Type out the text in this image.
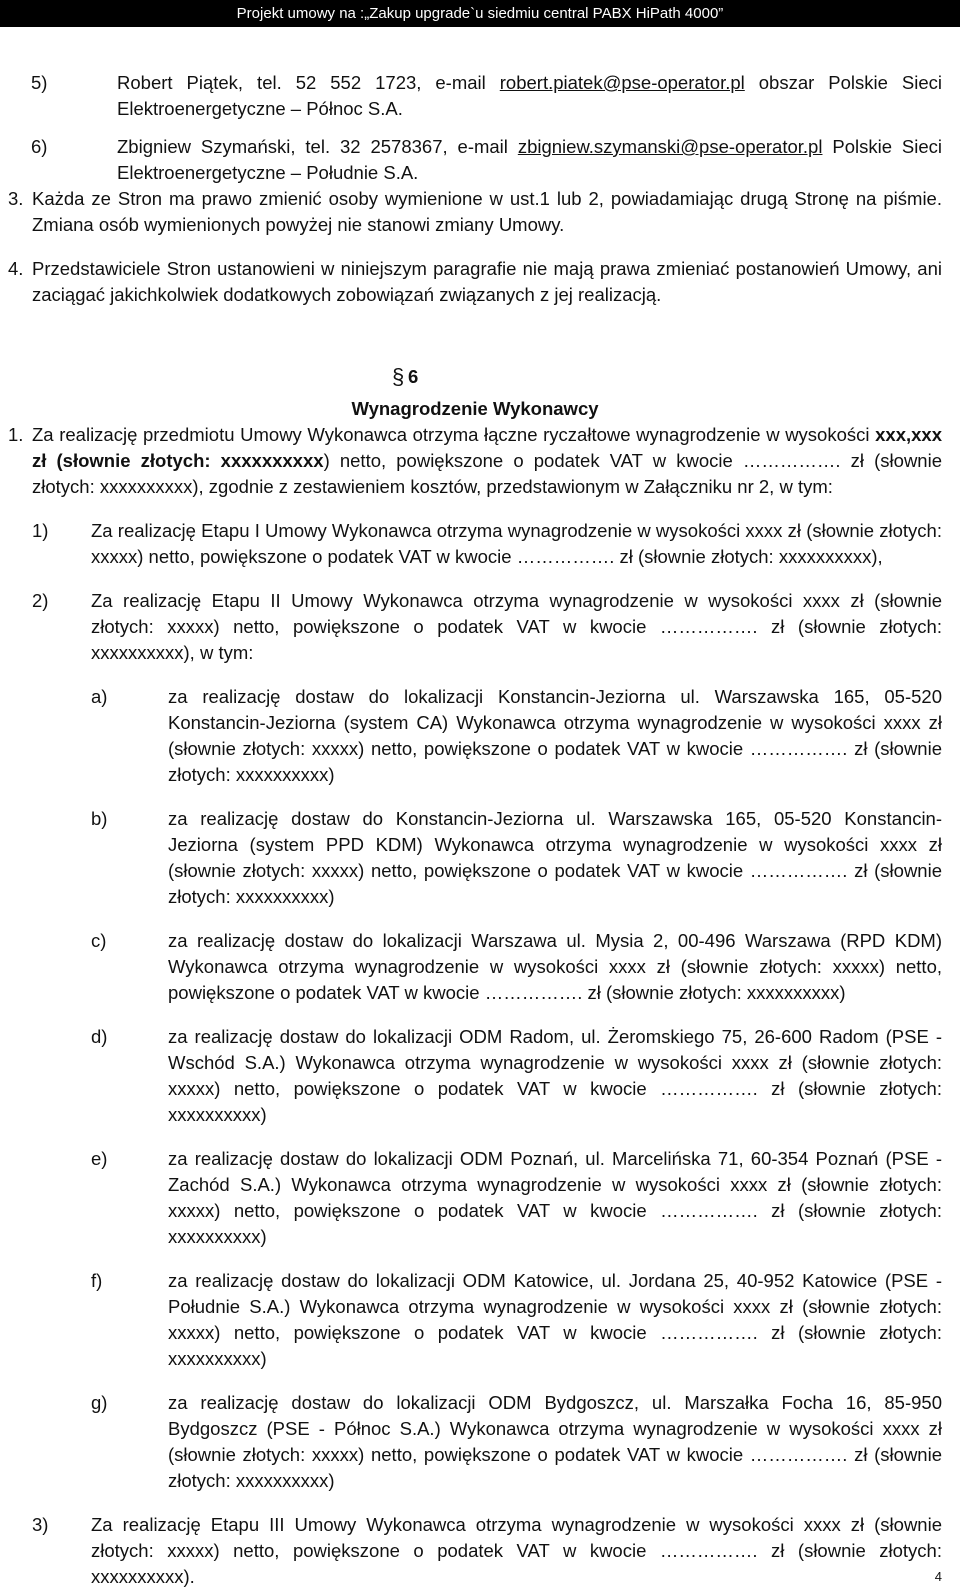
Projekt umowy na :„Zakup upgrade`u siedmiu central PABX HiPath 4000”
5)	Robert Piątek, tel. 52 552 1723, e-mail robert.piatek@pse-operator.pl obszar Polskie Sieci Elektroenergetyczne – Północ S.A.

6)	Zbigniew Szymański, tel. 32 2578367, e-mail zbigniew.szymanski@pse-operator.pl Polskie Sieci Elektroenergetyczne – Południe S.A.

3. Każda ze Stron ma prawo zmienić osoby wymienione w ust.1 lub 2, powiadamiając drugą Stronę na piśmie. Zmiana osób wymienionych powyżej nie stanowi zmiany Umowy.

4. Przedstawiciele Stron ustanowieni w niniejszym paragrafie nie mają prawa zmieniać postanowień Umowy, ani zaciągać jakichkolwiek dodatkowych zobowiązań związanych z jej realizacją.

§ 6
Wynagrodzenie Wykonawcy
1. Za realizację przedmiotu Umowy Wykonawca otrzyma łączne ryczałtowe wynagrodzenie w wysokości xxx,xxx zł (słownie złotych: xxxxxxxxxx) netto, powiększone o podatek VAT w kwocie ……………. zł (słownie złotych: xxxxxxxxxx), zgodnie z zestawieniem kosztów, przedstawionym w Załączniku nr 2, w tym:

1) Za realizację Etapu I Umowy Wykonawca otrzyma wynagrodzenie w wysokości xxxx zł (słownie złotych: xxxxx) netto, powiększone o podatek VAT w kwocie ……………. zł (słownie złotych: xxxxxxxxxx),

2) Za realizację Etapu II Umowy Wykonawca otrzyma wynagrodzenie w wysokości xxxx zł (słownie złotych: xxxxx) netto, powiększone o podatek VAT w kwocie ……………. zł (słownie złotych: xxxxxxxxxx), w tym:

a)	za realizację dostaw do lokalizacji Konstancin-Jeziorna ul. Warszawska 165, 05-520 Konstancin-Jeziorna (system CA) Wykonawca otrzyma wynagrodzenie w wysokości xxxx zł (słownie złotych: xxxxx) netto, powiększone o podatek VAT w kwocie ……………. zł (słownie złotych: xxxxxxxxxx)

b)	za realizację dostaw do Konstancin-Jeziorna ul. Warszawska 165, 05-520 Konstancin-Jeziorna (system PPD KDM) Wykonawca otrzyma wynagrodzenie w wysokości xxxx zł (słownie złotych: xxxxx) netto, powiększone o podatek VAT w kwocie ……………. zł (słownie złotych: xxxxxxxxxx)

c)	za realizację dostaw do lokalizacji Warszawa ul. Mysia 2, 00-496 Warszawa (RPD KDM) Wykonawca otrzyma wynagrodzenie w wysokości xxxx zł (słownie złotych: xxxxx) netto, powiększone o podatek VAT w kwocie ……………. zł (słownie złotych: xxxxxxxxxx)

d)	za realizację dostaw do lokalizacji ODM Radom, ul. Żeromskiego 75, 26-600 Radom (PSE - Wschód S.A.) Wykonawca otrzyma wynagrodzenie w wysokości xxxx zł (słownie złotych: xxxxx) netto, powiększone o podatek VAT w kwocie ……………. zł (słownie złotych: xxxxxxxxxx)

e)	za realizację dostaw do lokalizacji ODM Poznań, ul. Marcelińska 71, 60-354 Poznań (PSE - Zachód S.A.) Wykonawca otrzyma wynagrodzenie w wysokości xxxx zł (słownie złotych: xxxxx) netto, powiększone o podatek VAT w kwocie ……………. zł (słownie złotych: xxxxxxxxxx)

f)	za realizację dostaw do lokalizacji ODM Katowice, ul. Jordana 25, 40-952 Katowice (PSE - Południe S.A.) Wykonawca otrzyma wynagrodzenie w wysokości xxxx zł (słownie złotych: xxxxx) netto, powiększone o podatek VAT w kwocie ……………. zł (słownie złotych: xxxxxxxxxx)

g)	za realizację dostaw do lokalizacji ODM Bydgoszcz, ul. Marszałka Focha 16, 85-950 Bydgoszcz (PSE - Północ S.A.) Wykonawca otrzyma wynagrodzenie w wysokości xxxx zł (słownie złotych: xxxxx) netto, powiększone o podatek VAT w kwocie ……………. zł (słownie złotych: xxxxxxxxxx)

3) Za realizację Etapu III Umowy Wykonawca otrzyma wynagrodzenie w wysokości xxxx zł (słownie złotych: xxxxx) netto, powiększone o podatek VAT w kwocie ……………. zł (słownie złotych: xxxxxxxxxx).	4
